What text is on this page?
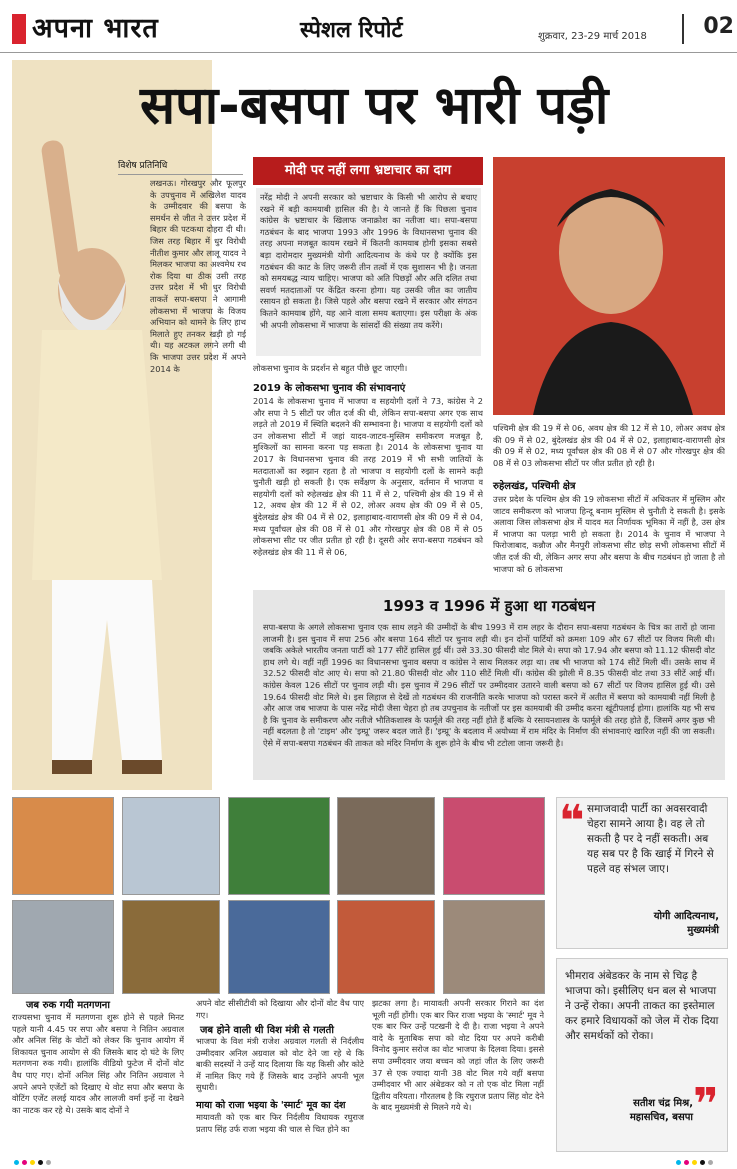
अपना भारत	स्पेशल रिपोर्ट	शुक्रवार, 23-29 मार्च 2018	02
सपा-बसपा पर भारी पड़ी
विशेष प्रतिनिधि
लखनऊ। गोरखपुर और फूलपुर के उपचुनाव में अखिलेश यादव के उम्मीदवार की बसपा के समर्थन से जीत ने उत्तर प्रदेश में बिहार की पटकथा दोहरा दी थी। जिस तरह बिहार में धुर विरोधी नीतीश कुमार और लालू यादव ने मिलकर भाजपा का अश्वमेध रथ रोक दिया था ठीक उसी तरह उत्तर प्रदेश में भी धुर विरोधी ताकतें सपा-बसपा ने आगामी लोकसभा में भाजपा के विजय अभियान को थामने के लिए हाथ मिलाते हुए तनकर खड़ी हो गई थी। यह अटकल लगने लगी थी कि भाजपा उत्तर प्रदेश में अपने 2014 के
मोदी पर नहीं लगा भ्रष्टाचार का दाग
नरेंद्र मोदी ने अपनी सरकार को भ्रष्टाचार के किसी भी आरोप से बचाए रखने में बड़ी कामयाबी हासिल की है। ये जानते हैं कि पिछला चुनाव कांग्रेस के भ्रष्टाचार के खिलाफ जनाक्रोश का नतीजा था। सपा-बसपा गठबंधन के बाद भाजपा 1993 और 1996 के विधानसभा चुनाव की तरह अपना मजबूत कायम रखने में कितनी कामयाब होगी इसका सबसे बड़ा दारोमदार मुख्यमंत्री योगी आदित्यनाथ के कंधे पर है क्योंकि इस गठबंधन की काट के लिए जरूरी तीन तत्वों में एक सुशासन भी है। जनता को समयबद्ध न्याय चाहिए। भाजपा को अति पिछड़ों और अति दलित तथा सवर्ण मतदाताओं पर केंद्रित करना होगा। यह उसकी जीत का जातीय रसायन हो सकता है। जिसे पहले और बसपा रखने में सरकार और संगठन कितने कामयाब होंगे, यह आने वाला समय बताएगा। इस परीक्षा के अंक भी अपनी लोकसभा में भाजपा के सांसदों की संख्या तय करेंगे।
लोकसभा चुनाव के प्रदर्शन से बहुत पीछे छूट जाएगी।
2019 के लोकसभा चुनाव की संभावनाएं
2014 के लोकसभा चुनाव में भाजपा व सहयोगी दलों ने 73, कांग्रेस ने 2 और सपा ने 5 सीटों पर जीत दर्ज की थी, लेकिन सपा-बसपा अगर एक साथ लड़ते तो 2019 में स्थिति बदलने की सम्भावना है। भाजपा व सहयोगी दलों को उन लोकसभा सीटों में जहां यादव-जाटव-मुस्लिम समीकरण मजबूत है, मुश्किलों का सामना करना पड़ सकता है। 2014 के लोकसभा चुनाव या 2017 के विधानसभा चुनाव की तरह 2019 में भी सभी जातियों के मतदाताओं का रुझान रहता है तो भाजपा व सहयोगी दलों के सामने कड़ी चुनौती खड़ी हो सकती है। एक सर्वेक्षण के अनुसार, वर्तमान में भाजपा व सहयोगी दलों को रुहेलखंड क्षेत्र की 11 में से 2, पश्चिमी क्षेत्र की 19 में से 12, अवध क्षेत्र की 12 में से 02, लोअर अवध क्षेत्र की 09 में से 05, बुंदेलखंड क्षेत्र की 04 में से 02, इलाहाबाद-वाराणसी क्षेत्र की 09 में से 04, मध्य पूर्वांचल क्षेत्र की 08 में से 01 और गोरखपुर क्षेत्र की 08 में से 05 लोकसभा सीट पर जीत प्रतीत हो रही है। दूसरी ओर सपा-बसपा गठबंधन को रुहेलखंड क्षेत्र की 11 में से 06,
पश्चिमी क्षेत्र की 19 में से 06, अवध क्षेत्र की 12 में से 10, लोअर अवध क्षेत्र की 09 में से 02, बुंदेलखंड क्षेत्र की 04 में से 02, इलाहाबाद-वाराणसी क्षेत्र की 09 में से 02, मध्य पूर्वांचल क्षेत्र की 08 में से 07 और गोरखपुर क्षेत्र की 08 में से 03 लोकसभा सीटों पर जीत प्रतीत हो रही है।
रुहेलखंड, पश्चिमी क्षेत्र
उत्तर प्रदेश के पश्चिम क्षेत्र की 19 लोकसभा सीटों में अधिकतर में मुस्लिम और जाटव समीकरण को भाजपा हिन्दू बनाम मुस्लिम से चुनौती दे सकती है। इसके अलावा जिस लोकसभा क्षेत्र में यादव मत निर्णायक भूमिका में नहीं है, उस क्षेत्र में भाजपा का पलड़ा भारी हो सकता है। 2014 के चुनाव में भाजपा ने फिरोजाबाद, कन्नौज और मैनपुरी लोकसभा सीट छोड़ सभी लोकसभा सीटों में जीत दर्ज की थी, लेकिन अगर सपा और बसपा के बीच गठबंधन हो जाता है तो भाजपा को 6 लोकसभा
1993 व 1996 में हुआ था गठबंधन
सपा-बसपा के अगले लोकसभा चुनाव एक साथ लड़ने की उम्मीदों के बीच 1993 में राम लहर के दौरान सपा-बसपा गठबंधन के चित्र का तारों हो जाना लाजमी है। इस चुनाव में सपा 256 और बसपा 164 सीटों पर चुनाव लड़ी थी। इन दोनों पार्टियों को क्रमशः 109 और 67 सीटों पर विजय मिली थी। जबकि अकेले भारतीय जनता पार्टी को 177 सीटें हासिल हुई थीं। उसे 33.30 फीसदी वोट मिले थे। सपा को 17.94 और बसपा को 11.12 फीसदी वोट हाथ लगे थे। वहीं नहीं 1996 का विधानसभा चुनाव बसपा व कांग्रेस ने साथ मिलकर लड़ा था। तब भी भाजपा को 174 सीटें मिली थीं। उसके साथ में 32.52 फीसदी वोट आए थे। सपा को 21.80 फीसदी वोट और 110 सीटें मिली थीं। कांग्रेस की झोली में 8.35 फीसदी वोट तथा 33 सीटें आई थीं। कांग्रेस केवल 126 सीटों पर चुनाव लड़ी थी। इस चुनाव में 296 सीटों पर उम्मीदवार उतारने वाली बसपा को 67 सीटों पर विजय हासिल हुई थी। उसे 19.64 फीसदी वोट मिले थे। इस लिहाज से देखें तो गठबंधन की राजनीति करके भाजपा को परास्त करने में अतीत में बसपा को कामयाबी नहीं मिली है और आज जब भाजपा के पास नरेंद्र मोदी जैसा चेहरा हो तब उपचुनाव के नतीजों पर इस कामयाबी की उम्मीद करना खूंटीपलाई होगा। हालांकि यह भी सच है कि चुनाव के समीकरण और नतीजे भौतिकशास्त्र के फार्मूले की तरह नहीं होते हैं बल्कि ये रसायनशास्त्र के फार्मूले की तरह होते हैं, जिसमें अगर कुछ भी नहीं बदलता है तो 'टाइम' और 'इम्प्रू' जरूर बदल जाते हैं। 'इम्प्रू' के बदलाव में अयोध्या में राम मंदिर के निर्माण की संभावनाएं खारिज नहीं की जा सकती। ऐसे में सपा-बसपा गठबंधन की ताकत को मंदिर निर्माण के शुरू होने के बीच भी टटोला जाना जरूरी है।
❝ समाजवादी पार्टी का अवसरवादी चेहरा सामने आया है। वह ले तो सकती है पर दे नहीं सकती। अब यह सब पर है कि खाई में गिरने से पहले वह संभल जाए।
योगी आदित्यनाथ,
मुख्यमंत्री
भीमराव अंबेडकर के नाम से चिढ़ है भाजपा को। इसीलिए धन बल से भाजपा ने उन्हें रोका। अपनी ताकत का इस्तेमाल कर हमारे विधायकों को जेल में रोक दिया और समर्थकों को रोका।
सतीश चंद्र मिश्र,
महासचिव, बसपा ❞
जब रुक गयी मतगणना
राज्यसभा चुनाव में मतगणना शुरू होने से पहले मिनट पहले यानी 4.45 पर सपा और बसपा ने नितिन अग्रवाल और अनिल सिंह के वोटों को लेकर कि चुनाव आयोग में शिकायत चुनाव आयोग से की जिसके बाद दो घंटे के लिए मतगणना रुक गयी। हालांकि वीडियो फुटेज में दोनों वोट वैध पाए गए। दोनों अनिल सिंह और नितिन अग्रवाल ने अपने अपने एजेंटों को दिखाए थे वोट सपा और बसपा के वोटिंग एजेंट ललई यादव और लालजी वर्मा इन्हें ना देखने का नाटक कर रहे थे। उसके बाद दोनों ने
अपने वोट सीसीटीवी को दिखाया और दोनों वोट वैध पाए गए।
जब होने वाली थी विश मंत्री से गलती
भाजपा के विश मंत्री राजेश अग्रवाल गलती से निर्दलीय उम्मीदवार अनिल अग्रवाल को वोट देने जा रहे थे कि बाकी सदस्यों ने उन्हें याद दिलाया कि यह किसी और कोटे में नामित किए गये हैं जिसके बाद उन्होंने अपनी भूल सुधारी।
माया को राजा भइया के 'स्मार्ट' मूव का दंश
मायावती को एक बार फिर निर्दलीय विधायक रघुराज प्रताप सिंह उर्फ राजा भइया की चाल से चित होने का
झटका लगा है। मायावती अपनी सरकार गिराने का दंश भूली नहीं होंगी। एक बार फिर राजा भइया के 'स्मार्ट' मूव ने एक बार फिर उन्हें पटखनी दे दी है। राजा भइया ने अपने वादे के मुताबिक सपा को वोट दिया पर अपने करीबी विनोद कुमार सरोज का वोट भाजपा के दिलवा दिया। इससे सपा उम्मीदवार जया बच्चन को जहां जीत के लिए जरूरी 37 से एक ज्यादा यानी 38 वोट मिल गये वहीं बसपा उम्मीदवार भी आर अंबेडकर को न तो एक वोट मिला नहीं द्वितीय वरियता। गौरतलब है कि रघुराज प्रताप सिंह वोट देने के बाद मुख्यमंत्री से मिलने गये थे।
